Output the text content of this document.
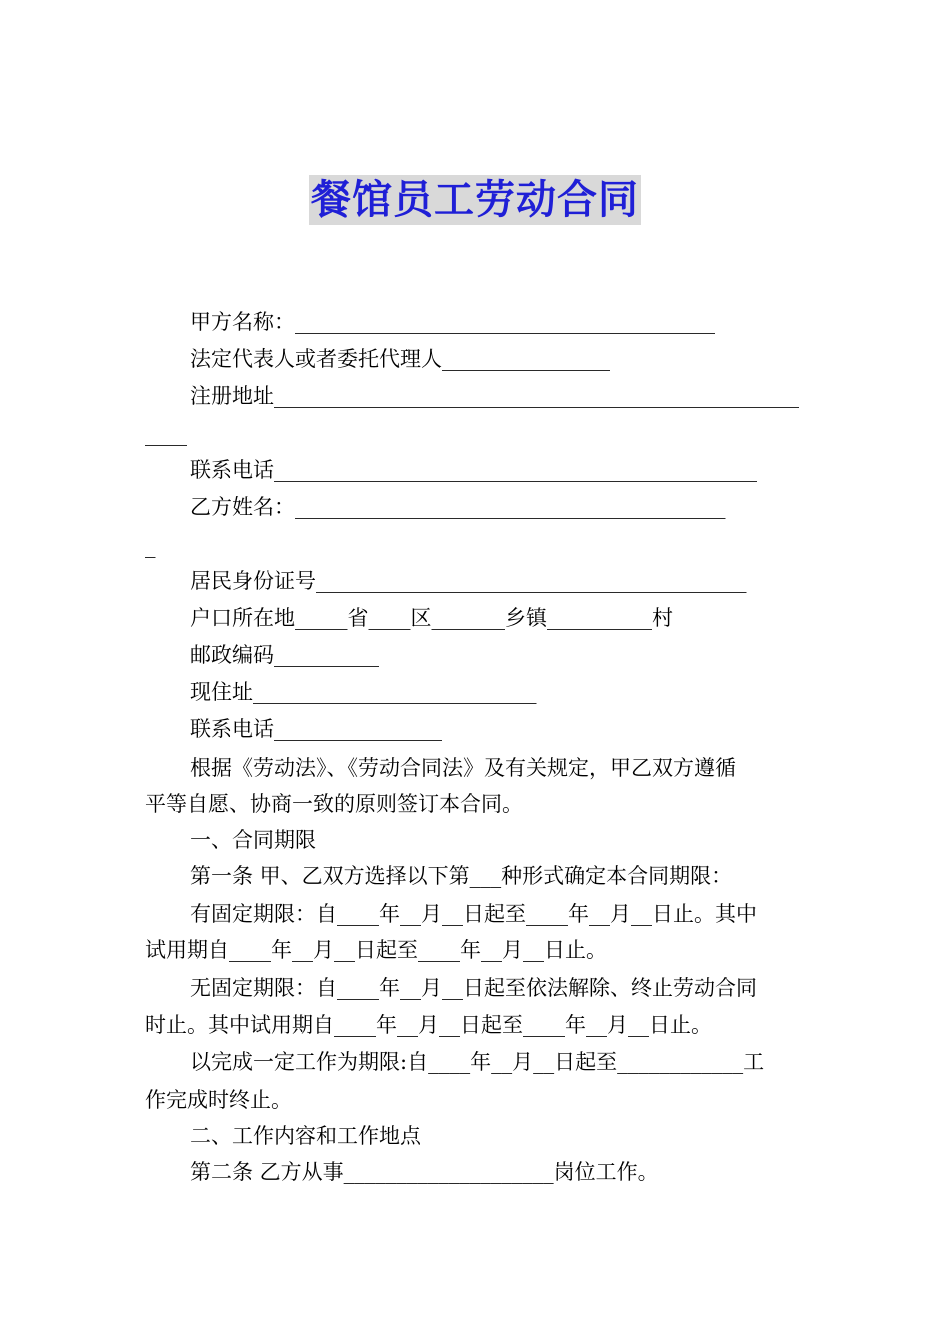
餐馆员工劳动合同
甲方名称：________________________________________
法定代表人或者委托代理人________________
注册地址__________________________________________________
____
联系电话______________________________________________
乙方姓名：_________________________________________
_
居民身份证号_________________________________________
户口所在地_____省____区_______乡镇__________村
邮政编码__________
现住址___________________________
联系电话________________
根据《劳动法》、《劳动合同法》及有关规定，甲乙双方遵循
平等自愿、协商一致的原则签订本合同。
一、合同期限
第一条 甲、乙双方选择以下第___种形式确定本合同期限：
有固定期限：自____年__月__日起至____年__月__日止。其中
试用期自____年__月__日起至____年__月__日止。
无固定期限：自____年__月__日起至依法解除、终止劳动合同
时止。其中试用期自____年__月__日起至____年__月__日止。
以完成一定工作为期限:自____年__月__日起至____________工
作完成时终止。
二、工作内容和工作地点
第二条 乙方从事____________________岗位工作。
